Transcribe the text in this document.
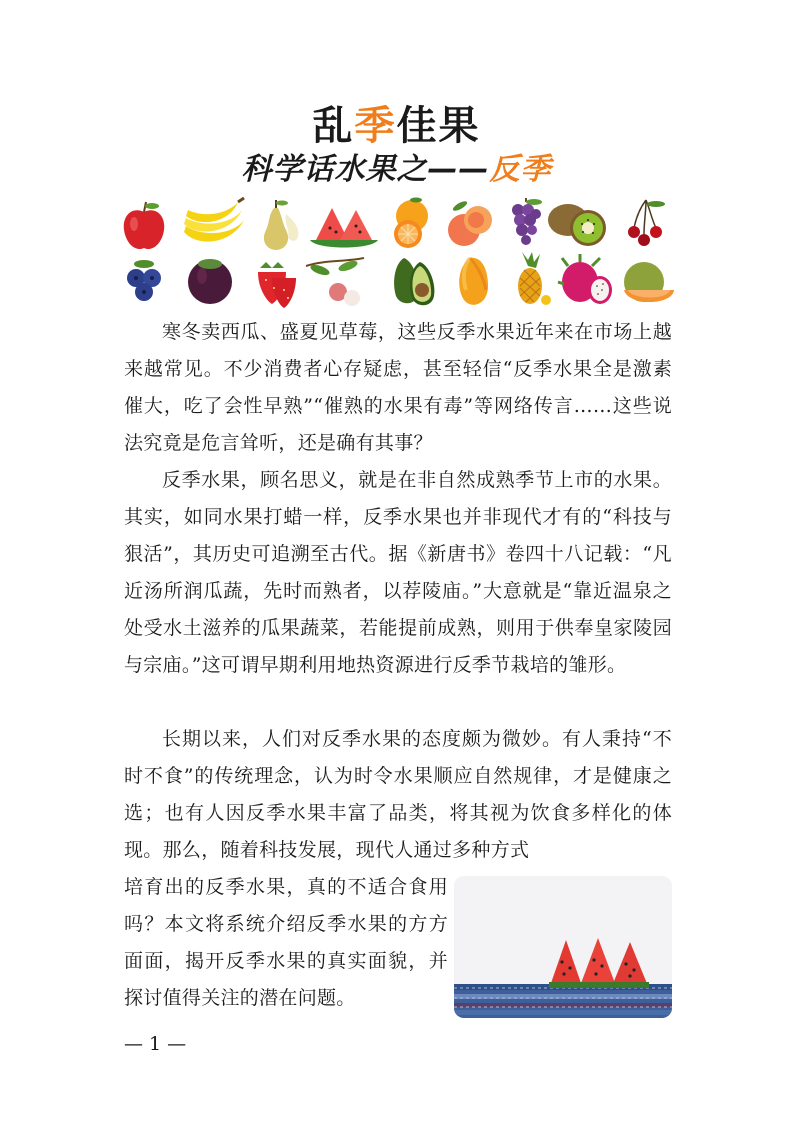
乱季佳果
科学话水果之——反季

寒冬卖西瓜、盛夏见草莓，这些反季水果近年来在市场上越来越常见。不少消费者心存疑虑，甚至轻信“反季水果全是激素催大，吃了会性早熟”“催熟的水果有毒”等网络传言……这些说法究竟是危言耸听，还是确有其事？

反季水果，顾名思义，就是在非自然成熟季节上市的水果。其实，如同水果打蜡一样，反季水果也并非现代才有的“科技与狠活”，其历史可追溯至古代。据《新唐书》卷四十八记载：“凡近汤所润瓜蔬，先时而熟者，以荐陵庙。”大意就是“靠近温泉之处受水土滋养的瓜果蔬菜，若能提前成熟，则用于供奉皇家陵园与宗庙。”这可谓早期利用地热资源进行反季节栽培的雏形。

长期以来，人们对反季水果的态度颇为微妙。有人秉持“不时不食”的传统理念，认为时令水果顺应自然规律，才是健康之选；也有人因反季水果丰富了品类，将其视为饮食多样化的体现。那么，随着科技发展，现代人通过多种方式

培育出的反季水果，真的不适合食用吗？本文将系统介绍反季水果的方方面面，揭开反季水果的真实面貌，并探讨值得关注的潜在问题。

— 1 —
